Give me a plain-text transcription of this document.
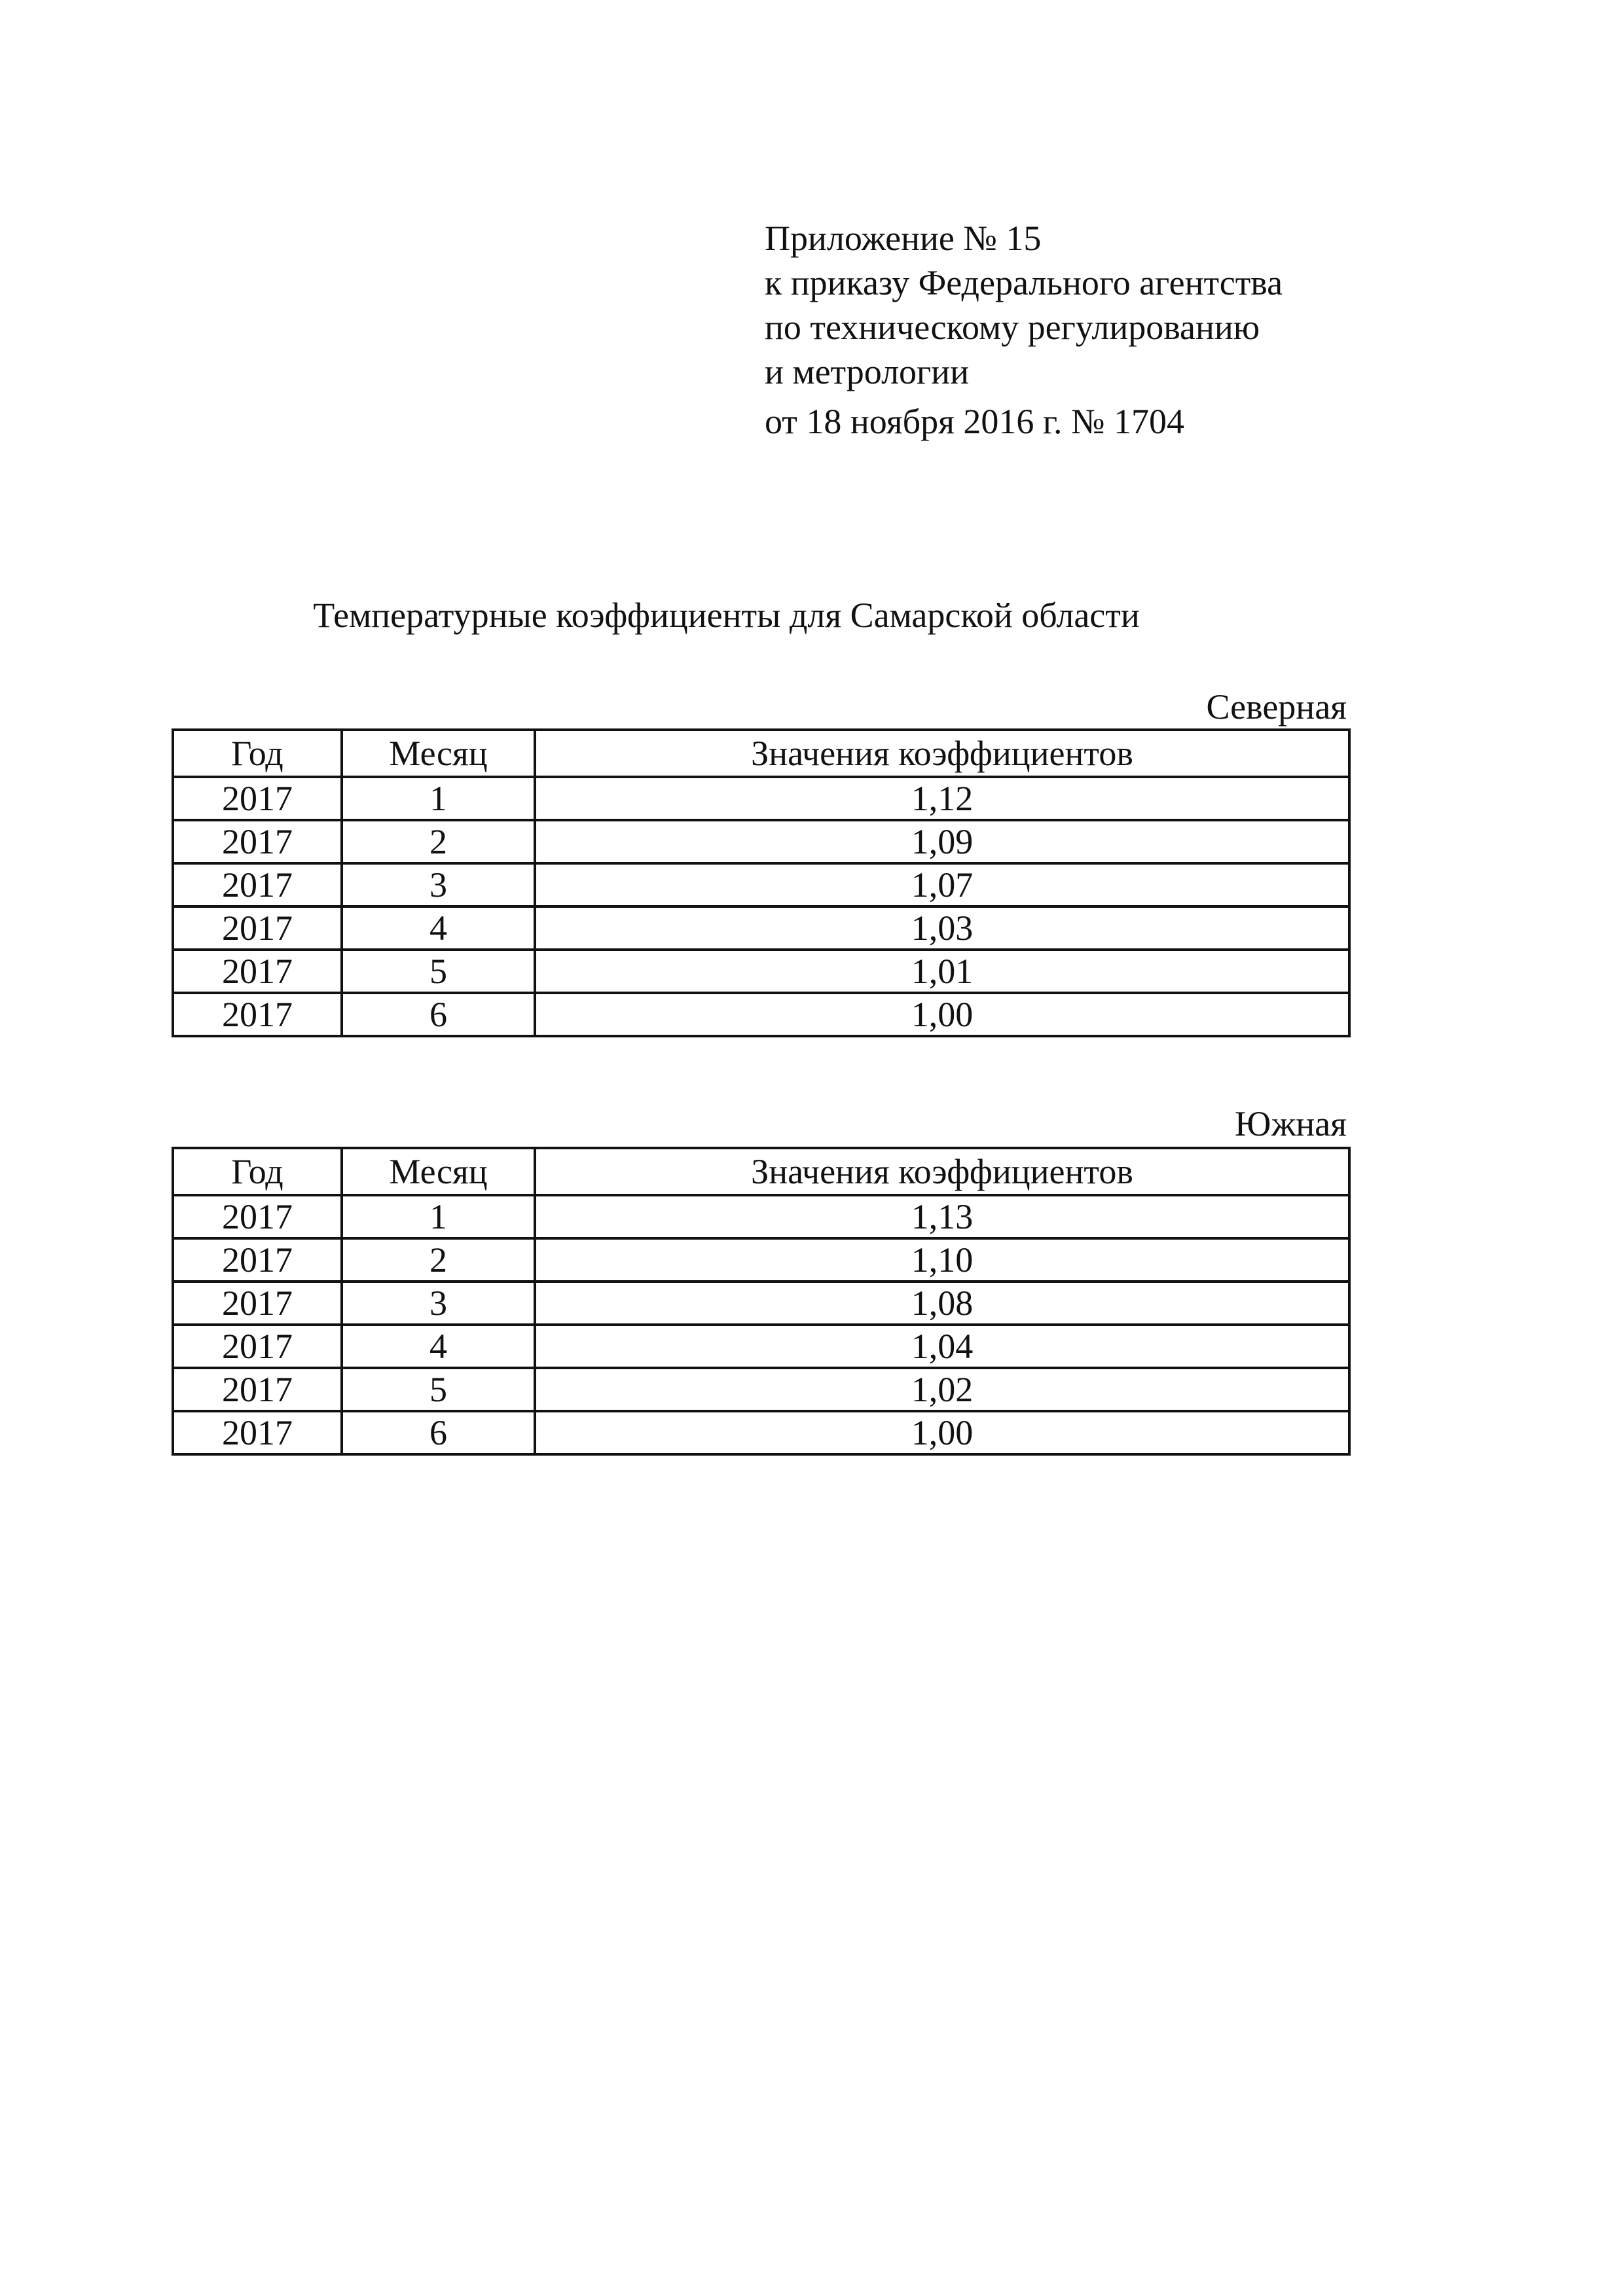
Приложение № 15
к приказу Федерального агентства
по техническому регулированию
и метрологии
от 18 ноября 2016 г. № 1704
Температурные коэффициенты для Самарской области
Северная
Год	Месяц	Значения коэффициентов
2017	1	1,12
2017	2	1,09
2017	3	1,07
2017	4	1,03
2017	5	1,01
2017	6	1,00
Южная
Год	Месяц	Значения коэффициентов
2017	1	1,13
2017	2	1,10
2017	3	1,08
2017	4	1,04
2017	5	1,02
2017	6	1,00
